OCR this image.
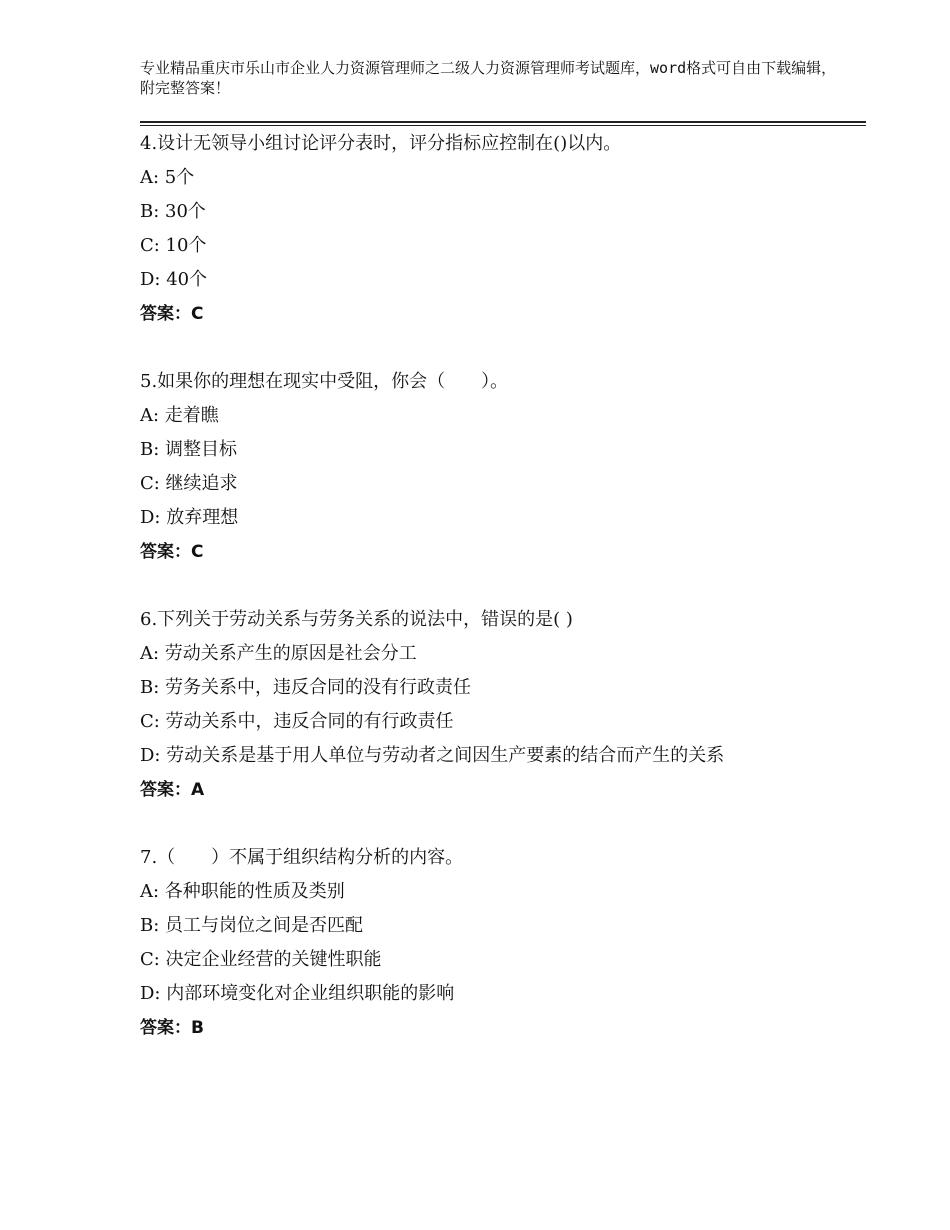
专业精品重庆市乐山市企业人力资源管理师之二级人力资源管理师考试题库，word格式可自由下载编辑，附完整答案！

4.设计无领导小组讨论评分表时，评分指标应控制在()以内。

A: 5个

B: 30个

C: 10个

D: 40个

答案：C

5.如果你的理想在现实中受阻，你会（　　）。

A: 走着瞧

B: 调整目标

C: 继续追求

D: 放弃理想

答案：C

6.下列关于劳动关系与劳务关系的说法中，错误的是( )

A: 劳动关系产生的原因是社会分工

B: 劳务关系中，违反合同的没有行政责任

C: 劳动关系中，违反合同的有行政责任

D: 劳动关系是基于用人单位与劳动者之间因生产要素的结合而产生的关系

答案：A

7.（　　）不属于组织结构分析的内容。

A: 各种职能的性质及类别

B: 员工与岗位之间是否匹配

C: 决定企业经营的关键性职能

D: 内部环境变化对企业组织职能的影响

答案：B
